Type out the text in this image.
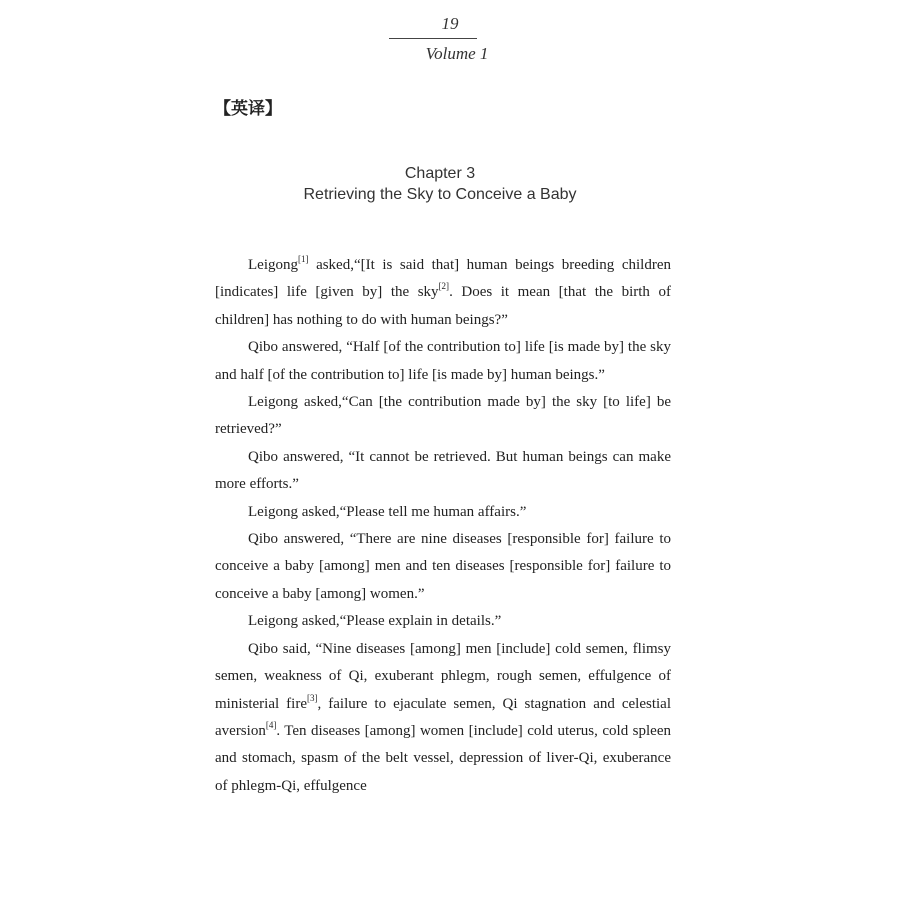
19
Volume 1
【英译】
Chapter 3
Retrieving the Sky to Conceive a Baby

Leigong[1] asked,“[It is said that] human beings breeding children [indicates] life [given by] the sky[2]. Does it mean [that the birth of children] has nothing to do with human beings?”

Qibo answered, “Half [of the contribution to] life [is made by] the sky and half [of the contribution to] life [is made by] human beings.”

Leigong asked,“Can [the contribution made by] the sky [to life] be retrieved?”

Qibo answered, “It cannot be retrieved. But human beings can make more efforts.”

Leigong asked,“Please tell me human affairs.”

Qibo answered, “There are nine diseases [responsible for] failure to conceive a baby [among] men and ten diseases [responsible for] failure to conceive a baby [among] women.”

Leigong asked,“Please explain in details.”

Qibo said, “Nine diseases [among] men [include] cold semen, flimsy semen, weakness of Qi, exuberant phlegm, rough semen, effulgence of ministerial fire[3], failure to ejaculate semen, Qi stagnation and celestial aversion[4]. Ten diseases [among] women [include] cold uterus, cold spleen and stomach, spasm of the belt vessel, depression of liver-Qi, exuberance of phlegm-Qi, effulgence
